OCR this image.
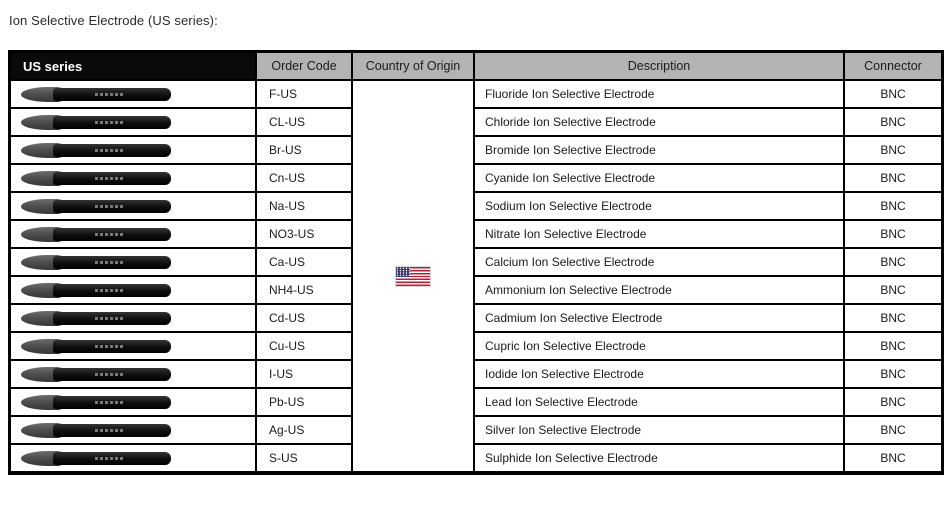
Ion Selective Electrode (US series):
US series	Order Code	Country of Origin	Description	Connector
F-US	Fluoride Ion Selective Electrode	BNC
CL-US	Chloride Ion Selective Electrode	BNC
Br-US	Bromide Ion Selective Electrode	BNC
Cn-US	Cyanide Ion Selective Electrode	BNC
Na-US	Sodium Ion Selective Electrode	BNC
NO3-US	Nitrate Ion Selective Electrode	BNC
Ca-US	Calcium Ion Selective Electrode	BNC
NH4-US	Ammonium Ion Selective Electrode	BNC
Cd-US	Cadmium Ion Selective Electrode	BNC
Cu-US	Cupric Ion Selective Electrode	BNC
I-US	Iodide Ion Selective Electrode	BNC
Pb-US	Lead Ion Selective Electrode	BNC
Ag-US	Silver Ion Selective Electrode	BNC
S-US	Sulphide Ion Selective Electrode	BNC
